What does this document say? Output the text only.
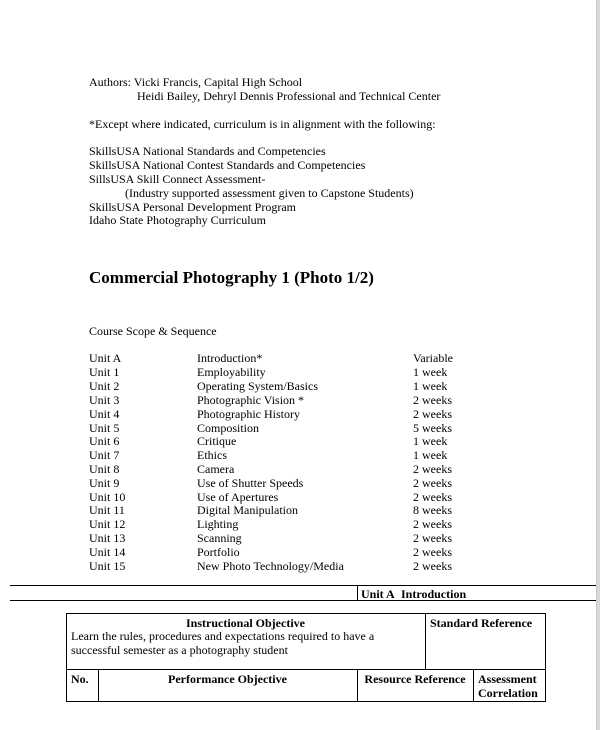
Authors: Vicki Francis, Capital High School
Heidi Bailey, Dehryl Dennis Professional and Technical Center
*Except where indicated, curriculum is in alignment with the following:
SkillsUSA National Standards and Competencies
SkillsUSA National Contest Standards and Competencies
SillsUSA Skill Connect Assessment-
(Industry supported assessment given to Capstone Students)
SkillsUSA Personal Development Program
Idaho State Photography Curriculum
Commercial Photography 1 (Photo 1/2)
Course Scope & Sequence
Unit A	Introduction*	Variable
Unit 1	Employability	1 week
Unit 2	Operating System/Basics	1 week
Unit 3	Photographic Vision *	2 weeks
Unit 4	Photographic History	2 weeks
Unit 5	Composition	5 weeks
Unit 6	Critique	1 week
Unit 7	Ethics	1 week
Unit 8	Camera	2 weeks
Unit 9	Use of Shutter Speeds	2 weeks
Unit 10	Use of Apertures	2 weeks
Unit 11	Digital Manipulation	8 weeks
Unit 12	Lighting	2 weeks
Unit 13	Scanning	2 weeks
Unit 14	Portfolio	2 weeks
Unit 15	New Photo Technology/Media	2 weeks
Unit A Introduction
Instructional Objective
Learn the rules, procedures and expectations required to have a
successful semester as a photography student
Standard Reference
No.	Performance Objective	Resource Reference	Assessment
Correlation
